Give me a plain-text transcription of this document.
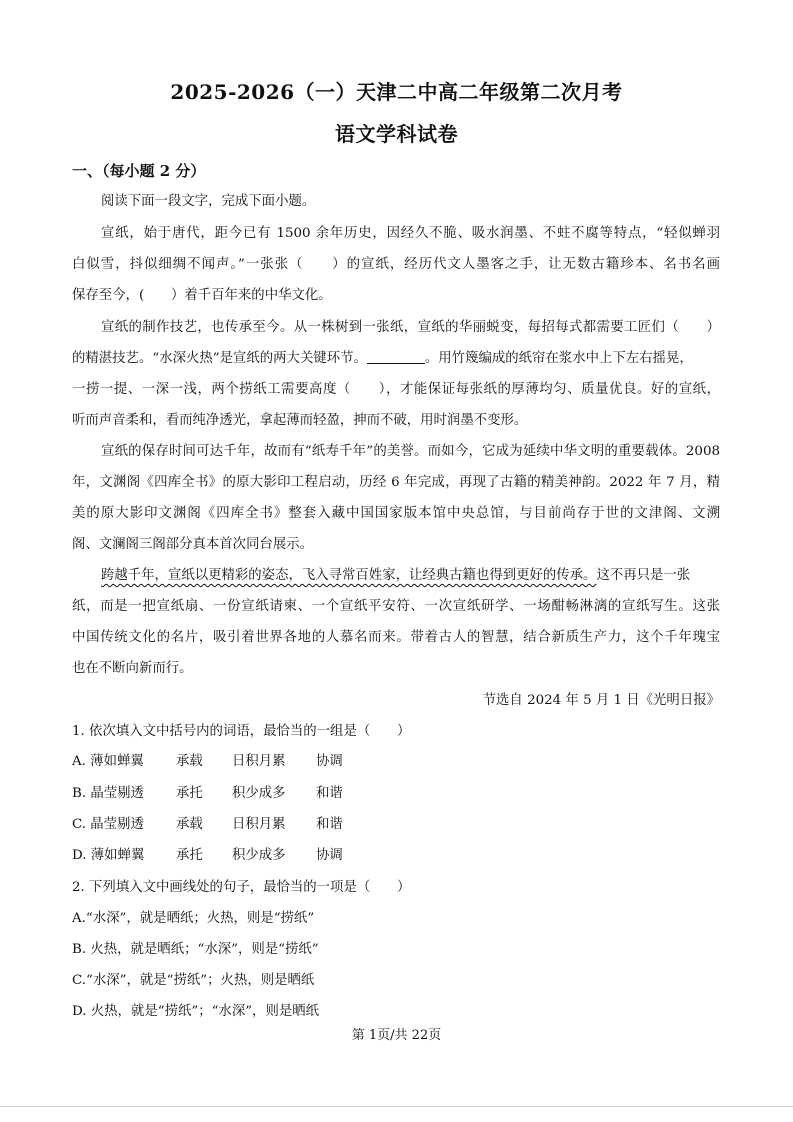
2025-2026（一）天津二中高二年级第二次月考
语文学科试卷
一、（每小题 2 分）
阅读下面一段文字，完成下面小题。
宣纸，始于唐代，距今已有 1500 余年历史，因经久不脆、吸水润墨、不蛀不腐等特点，“轻似蝉羽
白似雪，抖似细绸不闻声。”一张张（　　）的宣纸，经历代文人墨客之手，让无数古籍珍本、名书名画
保存至今，(　　）着千百年来的中华文化。
宣纸的制作技艺，也传承至今。从一株树到一张纸，宣纸的华丽蜕变，每招每式都需要工匠们（　　）
的精湛技艺。“水深火热”是宣纸的两大关键环节。	。用竹篾编成的纸帘在浆水中上下左右摇晃，
一捞一提、一深一浅，两个捞纸工需要高度（　　），才能保证每张纸的厚薄均匀、质量优良。好的宣纸，
听而声音柔和，看而纯净透光，拿起薄而轻盈，抻而不破，用时润墨不变形。
宣纸的保存时间可达千年，故而有“纸寿千年”的美誉。而如今，它成为延续中华文明的重要载体。2008
年，文渊阁《四库全书》的原大影印工程启动，历经 6 年完成，再现了古籍的精美神韵。2022 年 7 月，精
美的原大影印文渊阁《四库全书》整套入藏中国国家版本馆中央总馆，与目前尚存于世的文津阁、文溯
阁、文澜阁三阁部分真本首次同台展示。
跨越千年，宣纸以更精彩的姿态，飞入寻常百姓家，让经典古籍也得到更好的传承。这不再只是一张
纸，而是一把宣纸扇、一份宣纸请柬、一个宣纸平安符、一次宣纸研学、一场酣畅淋漓的宣纸写生。这张
中国传统文化的名片，吸引着世界各地的人慕名而来。带着古人的智慧，结合新质生产力，这个千年瑰宝
也在不断向新而行。
节选自 2024 年 5 月 1 日《光明日报》
1. 依次填入文中括号内的词语，最恰当的一组是（　　）
A. 薄如蝉翼 承载 日积月累 协调
B. 晶莹剔透 承托 积少成多 和谐
C. 晶莹剔透 承载 日积月累 和谐
D. 薄如蝉翼 承托 积少成多 协调
2. 下列填入文中画线处的句子，最恰当的一项是（　　）
A.“水深”，就是晒纸；火热，则是“捞纸”
B. 火热，就是晒纸；“水深”，则是“捞纸”
C.“水深”，就是“捞纸”；火热，则是晒纸
D. 火热，就是“捞纸”；“水深”，则是晒纸
第 1页/共 22页
